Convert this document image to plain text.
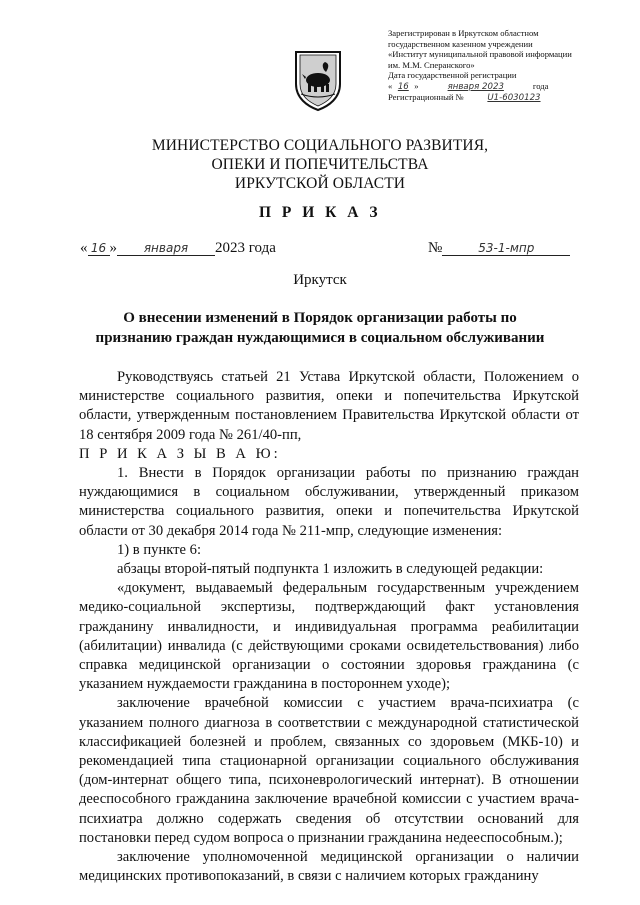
Зарегистрирован в Иркутском областном
государственном казенном учреждении
«Институт муниципальной правовой информации
им. М.М. Сперанского»
Дата государственной регистрации
« 16 »	января 2023	года
Регистрационный №	U1-6030123
МИНИСТЕРСТВО СОЦИАЛЬНОГО РАЗВИТИЯ,
ОПЕКИ И ПОПЕЧИТЕЛЬСТВА
ИРКУТСКОЙ ОБЛАСТИ
П Р И К А З
« 16 » января 2023 года	№	53-1-мпр
Иркутск
О внесении изменений в Порядок организации работы по признанию граждан нуждающимися в социальном обслуживании

Руководствуясь статьей 21 Устава Иркутской области, Положением о министерстве социального развития, опеки и попечительства Иркутской области, утвержденным постановлением Правительства Иркутской области от 18 сентября 2009 года № 261/40-пп,

П Р И К А З Ы В А Ю:

1. Внести в Порядок организации работы по признанию граждан нуждающимися в социальном обслуживании, утвержденный приказом министерства социального развития, опеки и попечительства Иркутской области от 30 декабря 2014 года № 211-мпр, следующие изменения:

1) в пункте 6:

абзацы второй-пятый подпункта 1 изложить в следующей редакции:

«документ, выдаваемый федеральным государственным учреждением медико-социальной экспертизы, подтверждающий факт установления гражданину инвалидности, и индивидуальная программа реабилитации (абилитации) инвалида (с действующими сроками освидетельствования) либо справка медицинской организации о состоянии здоровья гражданина (с указанием нуждаемости гражданина в постороннем уходе);

заключение врачебной комиссии с участием врача-психиатра (с указанием полного диагноза в соответствии с международной статистической классификацией болезней и проблем, связанных со здоровьем (МКБ-10) и рекомендацией типа стационарной организации социального обслуживания (дом-интернат общего типа, психоневрологический интернат). В отношении дееспособного гражданина заключение врачебной комиссии с участием врача-психиатра должно содержать сведения об отсутствии оснований для постановки перед судом вопроса о признании гражданина недееспособным.);

заключение уполномоченной медицинской организации о наличии медицинских противопоказаний, в связи с наличием которых гражданину
